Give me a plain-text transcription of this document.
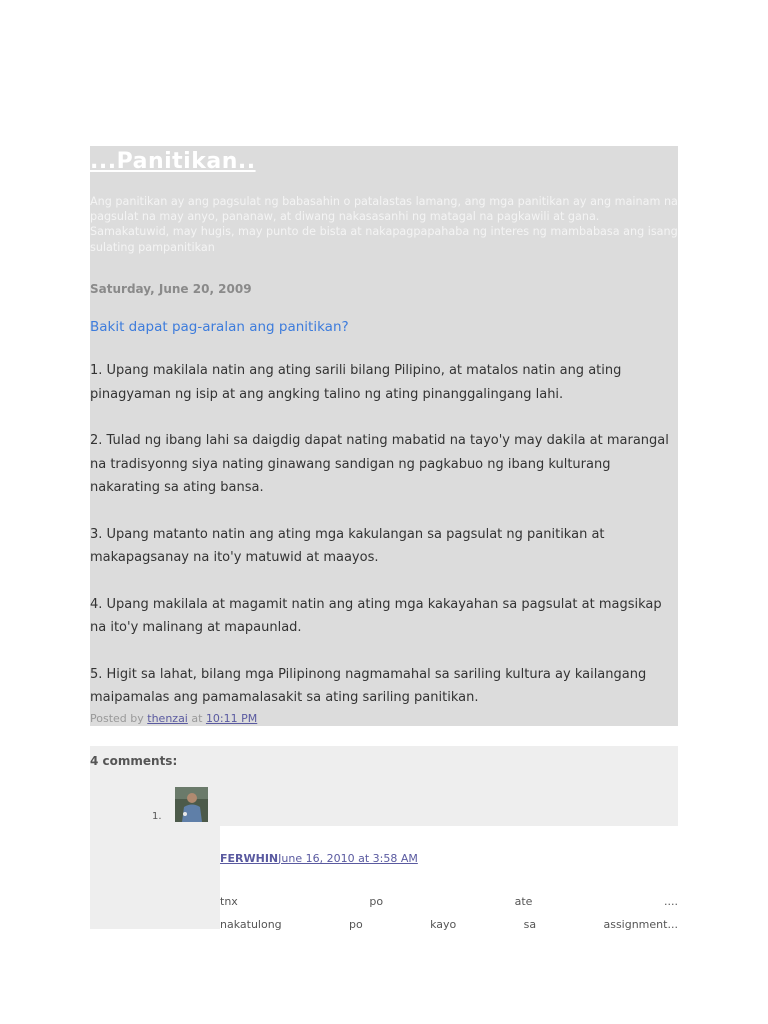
...Panitikan..
Ang panitikan ay ang pagsulat ng babasahin o patalastas lamang, ang mga panitikan ay ang mainam na pagsulat na may anyo, pananaw, at diwang nakasasanhi ng matagal na pagkawili at gana. Samakatuwid, may hugis, may punto de bista at nakapagpapahaba ng interes ng mambabasa ang isang sulating pampanitikan
Saturday, June 20, 2009
Bakit dapat pag-aralan ang panitikan?

1. Upang makilala natin ang ating sarili bilang Pilipino, at matalos natin ang ating pinagyaman ng isip at ang angking talino ng ating pinanggalingang lahi.

2. Tulad ng ibang lahi sa daigdig dapat nating mabatid na tayo'y may dakila at marangal na tradisyonng siya nating ginawang sandigan ng pagkabuo ng ibang kulturang nakarating sa ating bansa.

3. Upang matanto natin ang ating mga kakulangan sa pagsulat ng panitikan at makapagsanay na ito'y matuwid at maayos.

4. Upang makilala at magamit natin ang ating mga kakayahan sa pagsulat at magsikap na ito'y malinang at mapaunlad.

5. Higit sa lahat, bilang mga Pilipinong nagmamahal sa sariling kultura ay kailangang maipamalas ang pamamalasakit sa ating sariling panitikan.

Posted by thenzai at 10:11 PM
4 comments:
1.
FERWHINJune 16, 2010 at 3:58 AM
tnx	po	ate	....
nakatulong	po	kayo	sa	assignment...
